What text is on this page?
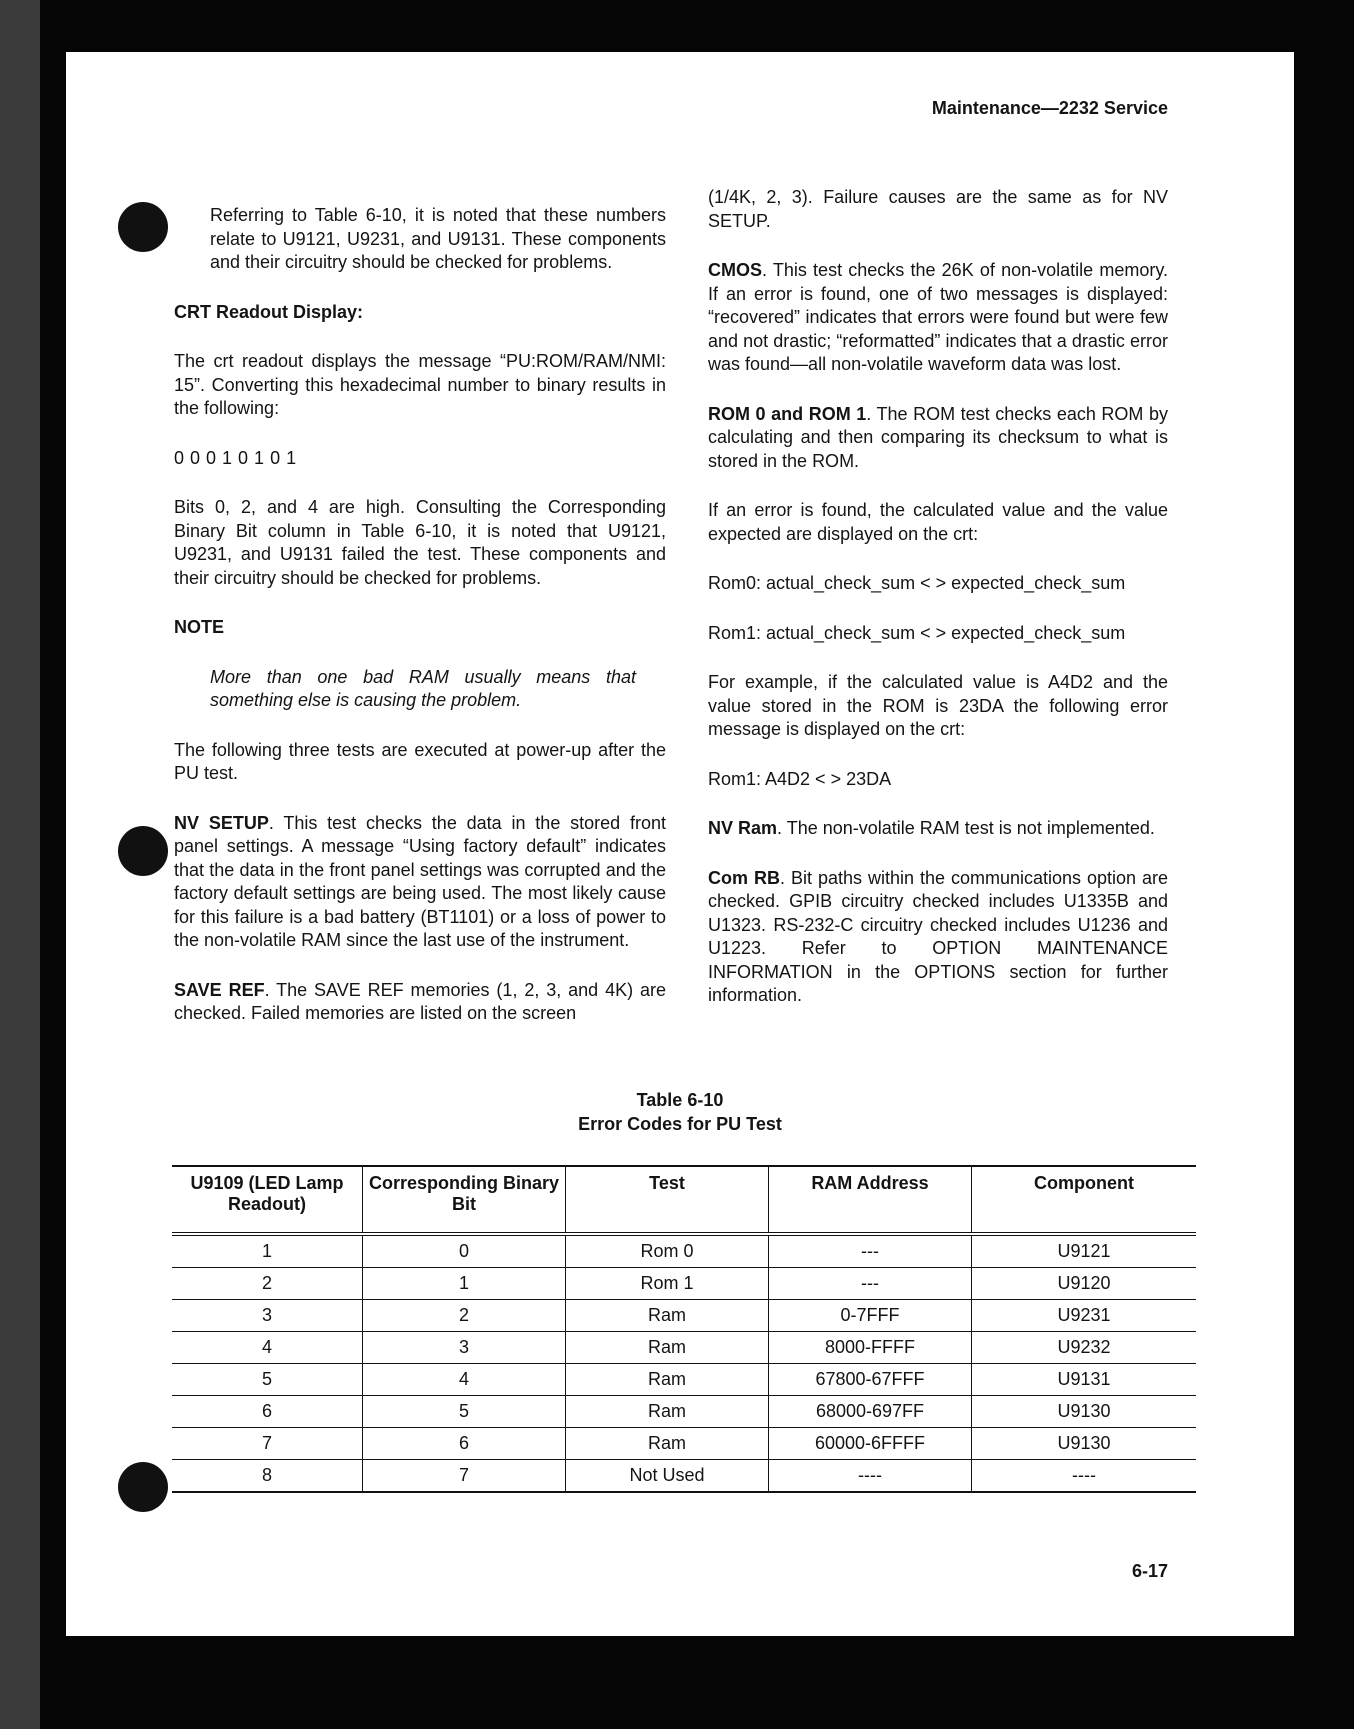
Maintenance—2232 Service

Referring to Table 6-10, it is noted that these numbers relate to U9121, U9231, and U9131. These components and their circuitry should be checked for problems.

CRT Readout Display:

The crt readout displays the message “PU:ROM/RAM/NMI: 15”. Converting this hexadecimal number to binary results in the following:

00010101

Bits 0, 2, and 4 are high. Consulting the Corresponding Binary Bit column in Table 6-10, it is noted that U9121, U9231, and U9131 failed the test. These components and their circuitry should be checked for problems.

NOTE

More than one bad RAM usually means that something else is causing the problem.

The following three tests are executed at power-up after the PU test.

NV SETUP. This test checks the data in the stored front panel settings. A message “Using factory default” indicates that the data in the front panel settings was corrupted and the factory default settings are being used. The most likely cause for this failure is a bad battery (BT1101) or a loss of power to the non-volatile RAM since the last use of the instrument.

SAVE REF. The SAVE REF memories (1, 2, 3, and 4K) are checked. Failed memories are listed on the screen

(1/4K, 2, 3). Failure causes are the same as for NV SETUP.

CMOS. This test checks the 26K of non-volatile memory. If an error is found, one of two messages is displayed: “recovered” indicates that errors were found but were few and not drastic; “reformatted” indicates that a drastic error was found—all non-volatile waveform data was lost.

ROM 0 and ROM 1. The ROM test checks each ROM by calculating and then comparing its checksum to what is stored in the ROM.

If an error is found, the calculated value and the value expected are displayed on the crt:

Rom0: actual_check_sum < > expected_check_sum

Rom1: actual_check_sum < > expected_check_sum

For example, if the calculated value is A4D2 and the value stored in the ROM is 23DA the following error message is displayed on the crt:

Rom1: A4D2 < > 23DA

NV Ram. The non-volatile RAM test is not implemented.

Com RB. Bit paths within the communications option are checked. GPIB circuitry checked includes U1335B and U1323. RS-232-C circuitry checked includes U1236 and U1223. Refer to OPTION MAINTENANCE INFORMATION in the OPTIONS section for further information.

Table 6-10
Error Codes for PU Test
U9109 (LED Lamp Readout)	Corresponding Binary Bit	Test	RAM Address	Component
1	0	Rom 0	---	U9121
2	1	Rom 1	---	U9120
3	2	Ram	0-7FFF	U9231
4	3	Ram	8000-FFFF	U9232
5	4	Ram	67800-67FFF	U9131
6	5	Ram	68000-697FF	U9130
7	6	Ram	60000-6FFFF	U9130
8	7	Not Used	----	----
6-17
